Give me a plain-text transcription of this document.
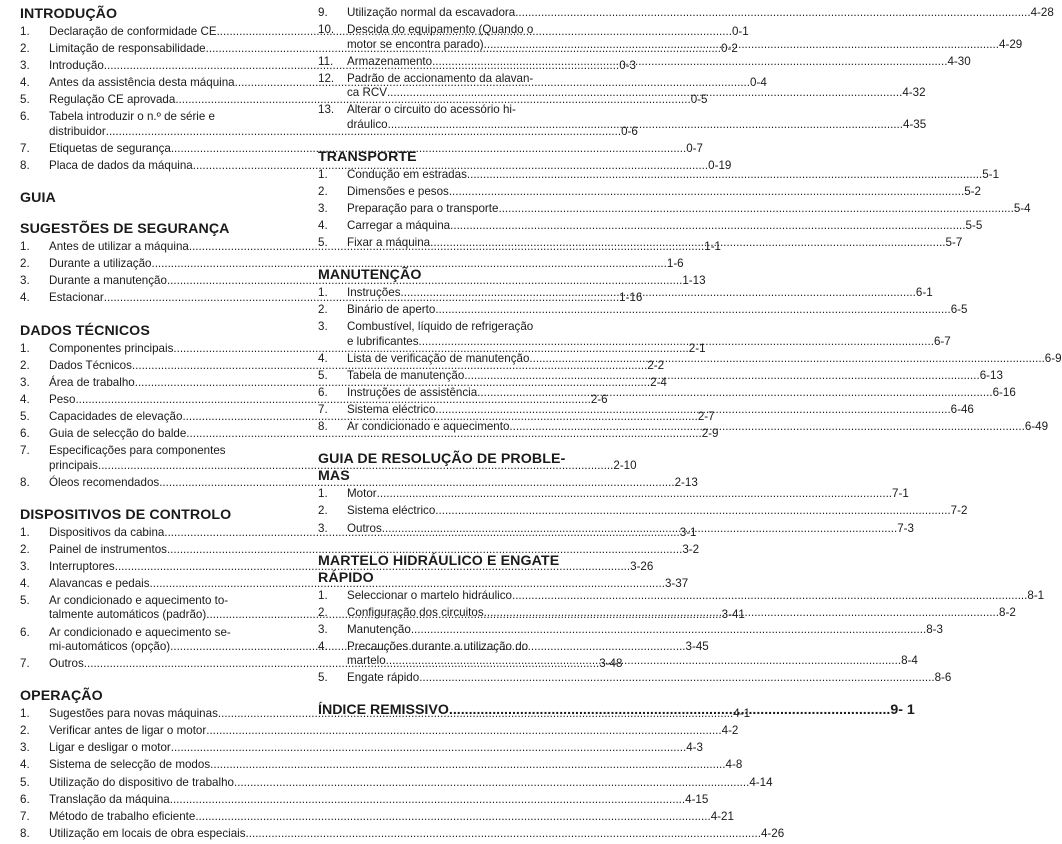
INTRODUÇÃO
1.	Declaração de conformidade CE .....	0-1
2.	Limitação de responsabilidade .....	0-2
3.	Introdução .....	0-3
4.	Antes da assistência desta máquina .....	0-4
5.	Regulação CE aprovada .....	0-5
6.	Tabela introduzir o n.º de série e
distribuidor .....	0-6
7.	Etiquetas de segurança .....	0-7
8.	Placa de dados da máquina .....	0-19
GUIA
SUGESTÕES DE SEGURANÇA
1.	Antes de utilizar a máquina .....	1-1
2.	Durante a utilização .....	1-6
3.	Durante a manutenção .....	1-13
4.	Estacionar .....	1-16
DADOS TÉCNICOS
1.	Componentes principais .....	2-1
2.	Dados Técnicos .....	2-2
3.	Área de trabalho .....	2-4
4.	Peso .....	2-6
5.	Capacidades de elevação .....	2-7
6.	Guia de selecção do balde .....	2-9
7.	Especificações para componentes
principais .....	2-10
8.	Óleos recomendados .....	2-13
DISPOSITIVOS DE CONTROLO
1.	Dispositivos da cabina .....	3-1
2.	Painel de instrumentos .....	3-2
3.	Interruptores .....	3-26
4.	Alavancas e pedais .....	3-37
5.	Ar condicionado e aquecimento to-
talmente automáticos (padrão) .....	3-41
6.	Ar condicionado e aquecimento se-
mi-automáticos (opção) .....	3-45
7.	Outros .....	3-48
OPERAÇÃO
1.	Sugestões para novas máquinas .....	4-1
2.	Verificar antes de ligar o motor .....	4-2
3.	Ligar e desligar o motor .....	4-3
4.	Sistema de selecção de modos .....	4-8
5.	Utilização do dispositivo de trabalho .....	4-14
6.	Translação da máquina .....	4-15
7.	Método de trabalho eficiente .....	4-21
8.	Utilização em locais de obra especiais .....	4-26
9.	Utilização normal da escavadora .....	4-28
10.	Descida do equipamento (Quando o
motor se encontra parado) .....	4-29
11.	Armazenamento .....	4-30
12.	Padrão de accionamento da alavan-
ca RCV .....	4-32
13.	Alterar o circuito do acessório hi-
dráulico .....	4-35
TRANSPORTE
1.	Condução em estradas .....	5-1
2.	Dimensões e pesos .....	5-2
3.	Preparação para o transporte .....	5-4
4.	Carregar a máquina .....	5-5
5.	Fixar a máquina .....	5-7
MANUTENÇÃO
1.	Instruções .....	6-1
2.	Binário de aperto .....	6-5
3.	Combustível, líquido de refrigeração
e lubrificantes .....	6-7
4.	Lista de verificação de manutenção .....	6-9
5.	Tabela de manutenção .....	6-13
6.	Instruções de assistência .....	6-16
7.	Sistema eléctrico .....	6-46
8.	Ar condicionado e aquecimento .....	6-49
GUIA DE RESOLUÇÃO DE PROBLE-
MAS
1.	Motor .....	7-1
2.	Sistema eléctrico .....	7-2
3.	Outros .....	7-3
MARTELO HIDRÁULICO E ENGATE
RÁPIDO
1.	Seleccionar o martelo hidráulico .....	8-1
2.	Configuração dos circuitos .....	8-2
3.	Manutenção .....	8-3
4.	Precauções durante a utilização do
martelo .....	8-4
5.	Engate rápido .....	8-6
ÍNDICE REMISSIVO .....	9- 1
